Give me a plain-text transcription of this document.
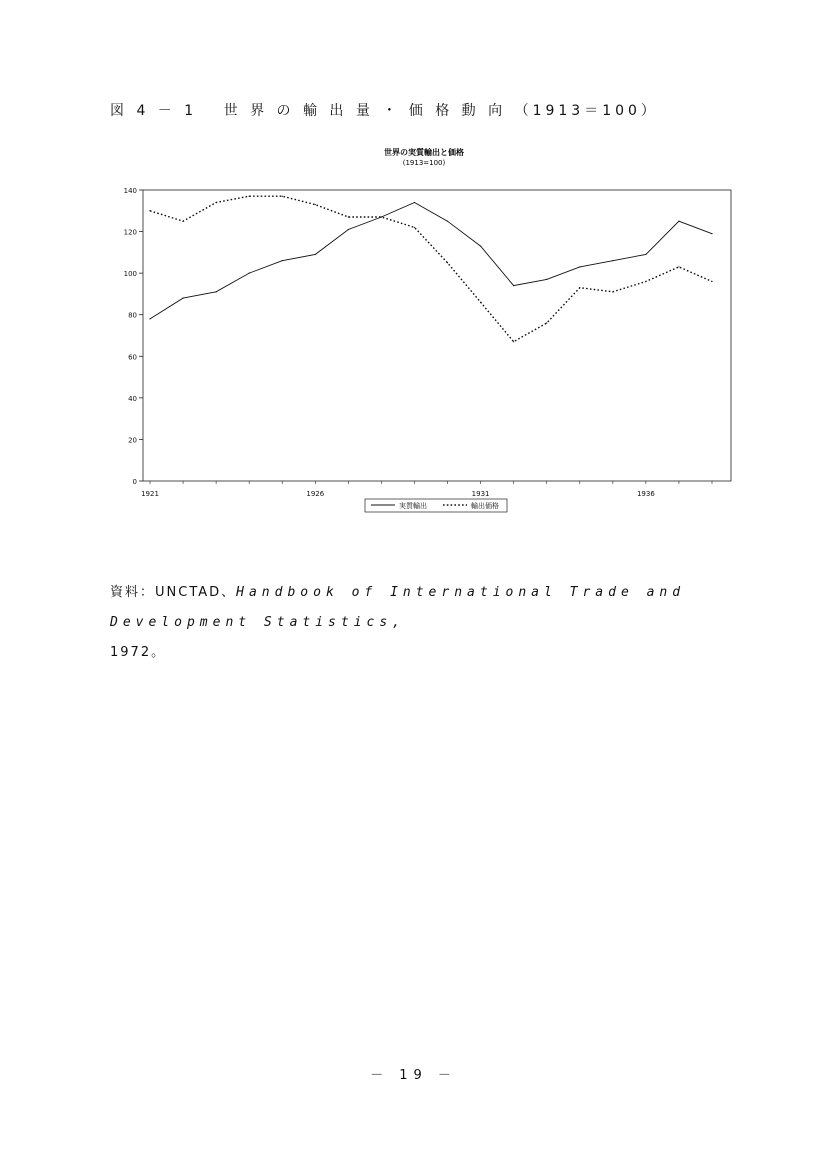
図 4 － 1　 世 界 の 輸 出 量 ・ 価 格 動 向 （1913＝100）
世界の実質輸出と価格
(1913=100)
0
20
40
60
80
100
120
140
1921	1926	1931	1936
実質輸出	輸出価格
資料：UNCTAD、Handbook of International Trade and Development Statistics,
1972。
－ 19 －
